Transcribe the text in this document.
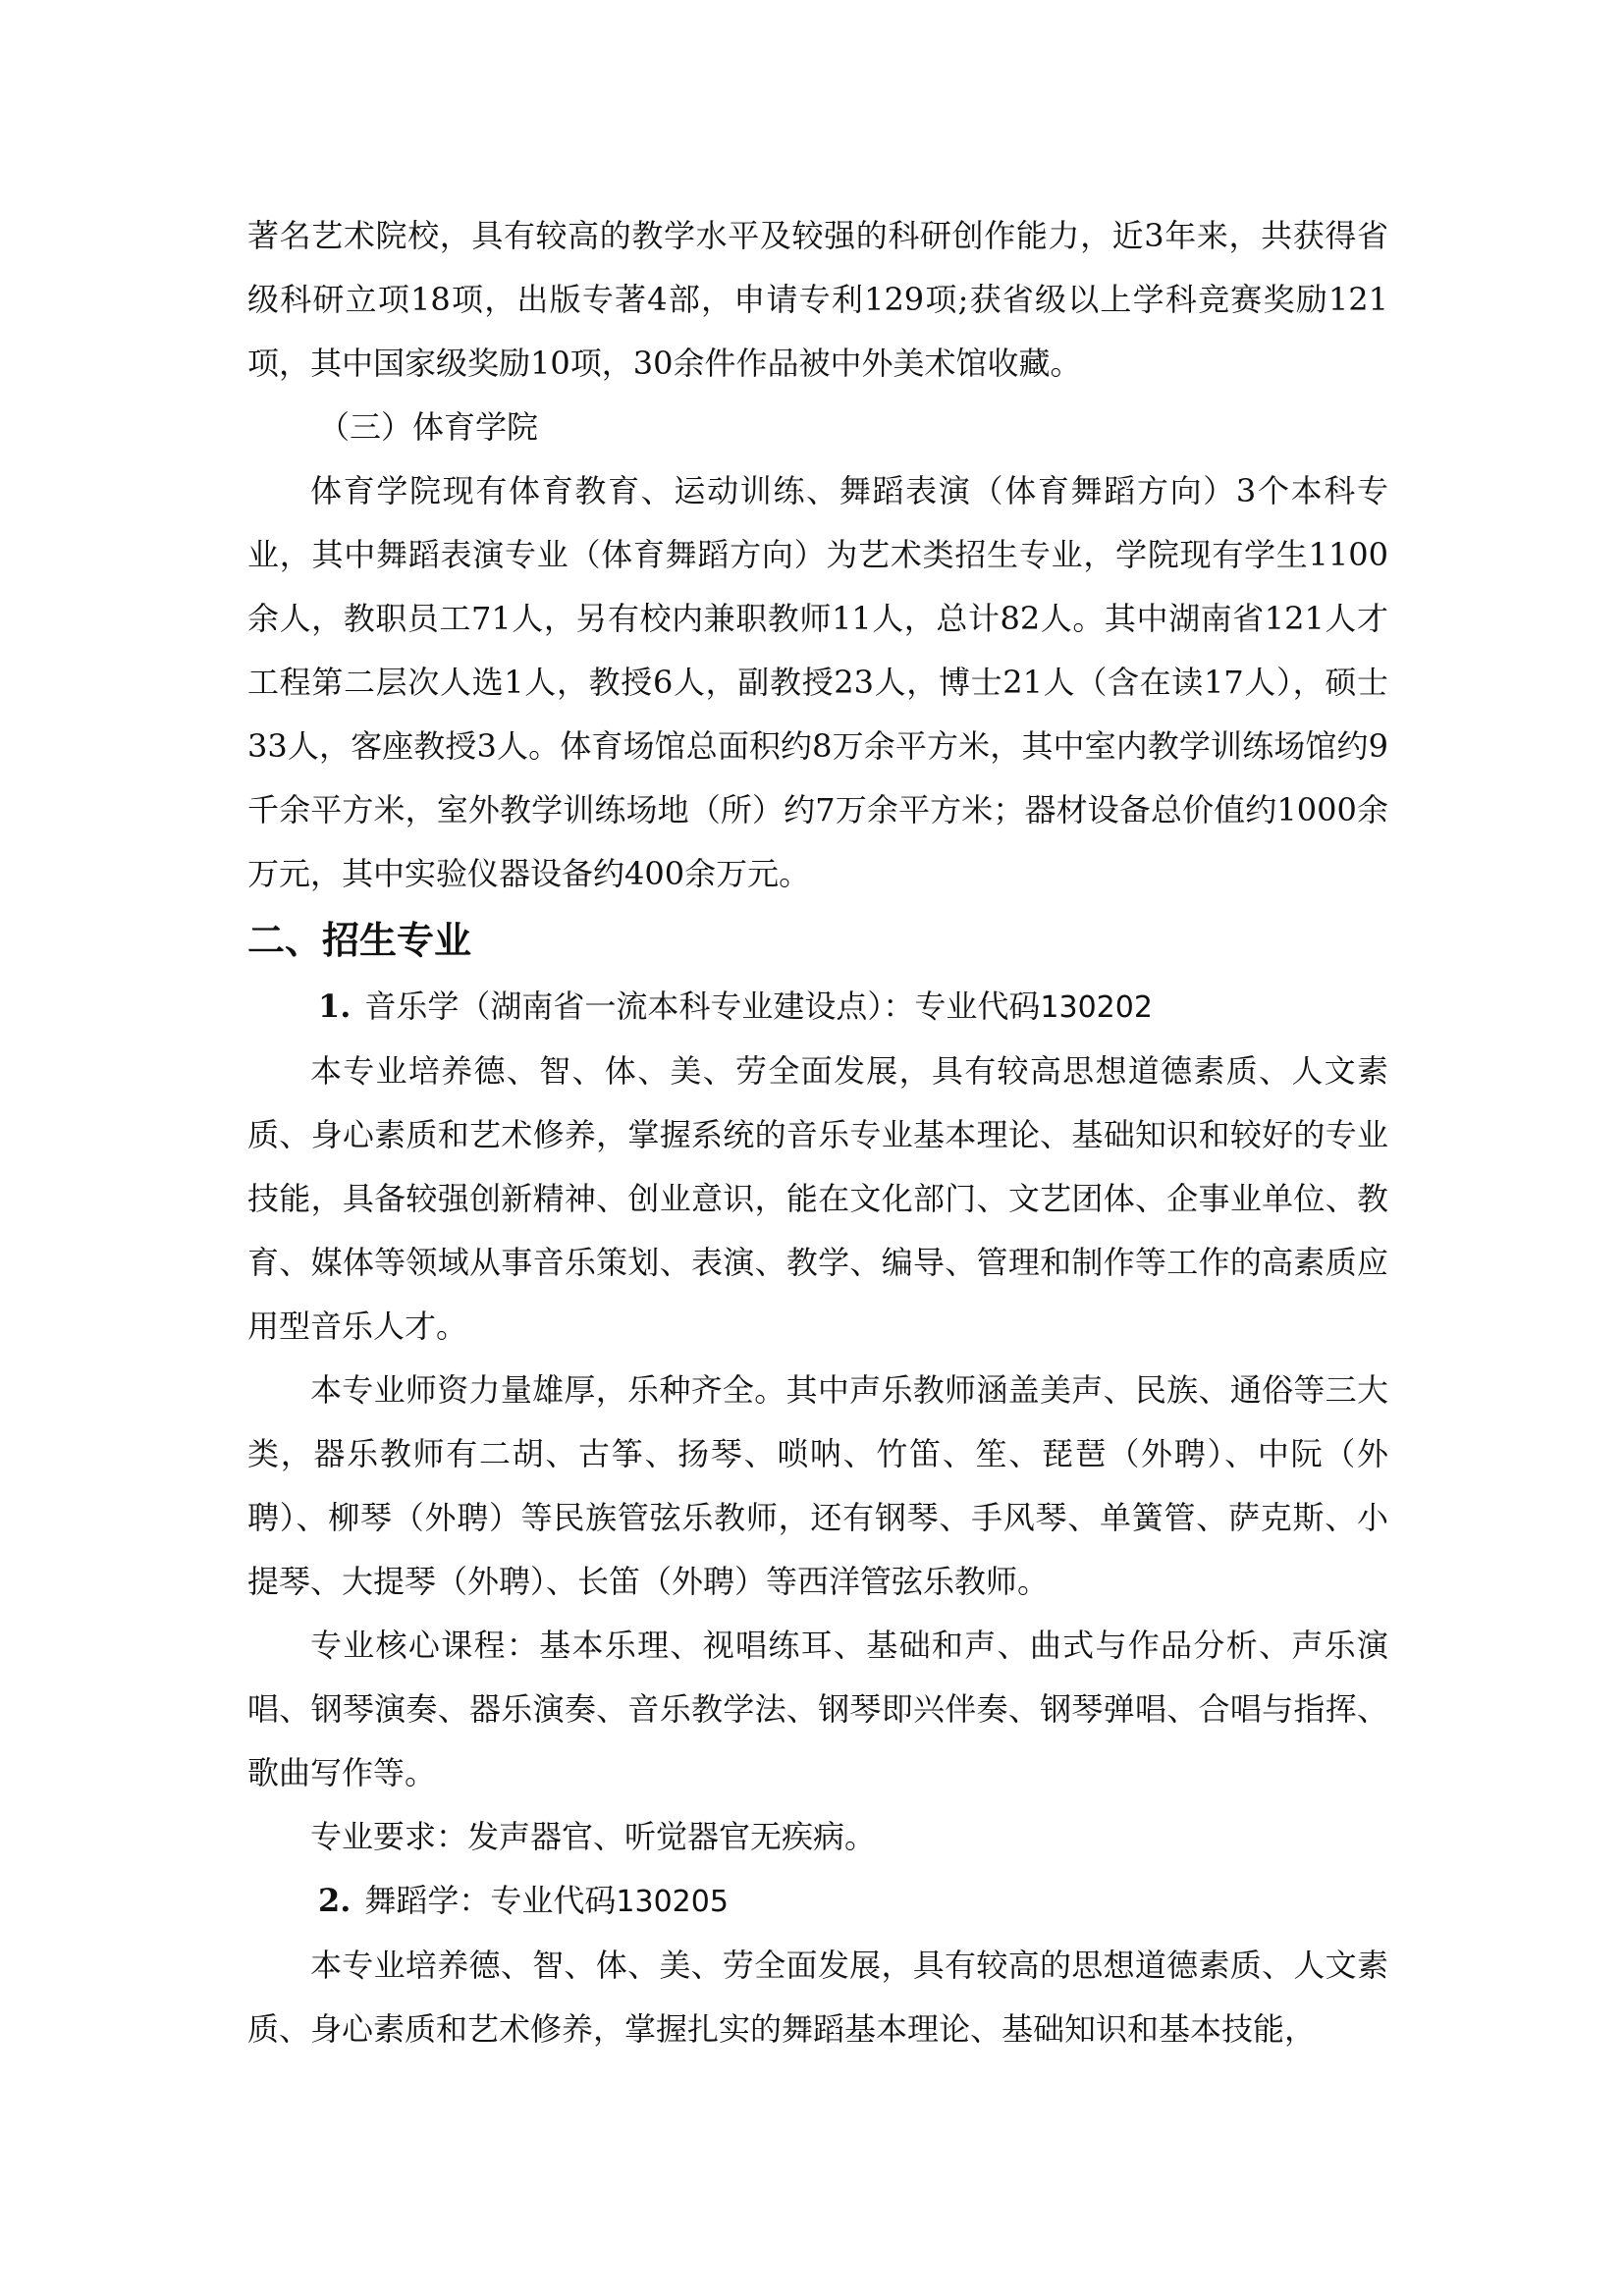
著名艺术院校，具有较高的教学水平及较强的科研创作能力，近3年来，共获得省级科研立项18项，出版专著4部，申请专利129项;获省级以上学科竞赛奖励121项，其中国家级奖励10项，30余件作品被中外美术馆收藏。

（三）体育学院

体育学院现有体育教育、运动训练、舞蹈表演（体育舞蹈方向）3个本科专业，其中舞蹈表演专业（体育舞蹈方向）为艺术类招生专业，学院现有学生1100余人，教职员工71人，另有校内兼职教师11人，总计82人。其中湖南省121人才工程第二层次人选1人，教授6人，副教授23人，博士21人（含在读17人），硕士33人，客座教授3人。体育场馆总面积约8万余平方米，其中室内教学训练场馆约9千余平方米，室外教学训练场地（所）约7万余平方米；器材设备总价值约1000余万元，其中实验仪器设备约400余万元。

二、招生专业

1. 音乐学（湖南省一流本科专业建设点）：专业代码130202

本专业培养德、智、体、美、劳全面发展，具有较高思想道德素质、人文素质、身心素质和艺术修养，掌握系统的音乐专业基本理论、基础知识和较好的专业技能，具备较强创新精神、创业意识，能在文化部门、文艺团体、企事业单位、教育、媒体等领域从事音乐策划、表演、教学、编导、管理和制作等工作的高素质应用型音乐人才。

本专业师资力量雄厚，乐种齐全。其中声乐教师涵盖美声、民族、通俗等三大类，器乐教师有二胡、古筝、扬琴、唢呐、竹笛、笙、琵琶（外聘）、中阮（外聘）、柳琴（外聘）等民族管弦乐教师，还有钢琴、手风琴、单簧管、萨克斯、小提琴、大提琴（外聘）、长笛（外聘）等西洋管弦乐教师。

专业核心课程：基本乐理、视唱练耳、基础和声、曲式与作品分析、声乐演唱、钢琴演奏、器乐演奏、音乐教学法、钢琴即兴伴奏、钢琴弹唱、合唱与指挥、歌曲写作等。

专业要求：发声器官、听觉器官无疾病。

2. 舞蹈学：专业代码130205

本专业培养德、智、体、美、劳全面发展，具有较高的思想道德素质、人文素质、身心素质和艺术修养，掌握扎实的舞蹈基本理论、基础知识和基本技能，
